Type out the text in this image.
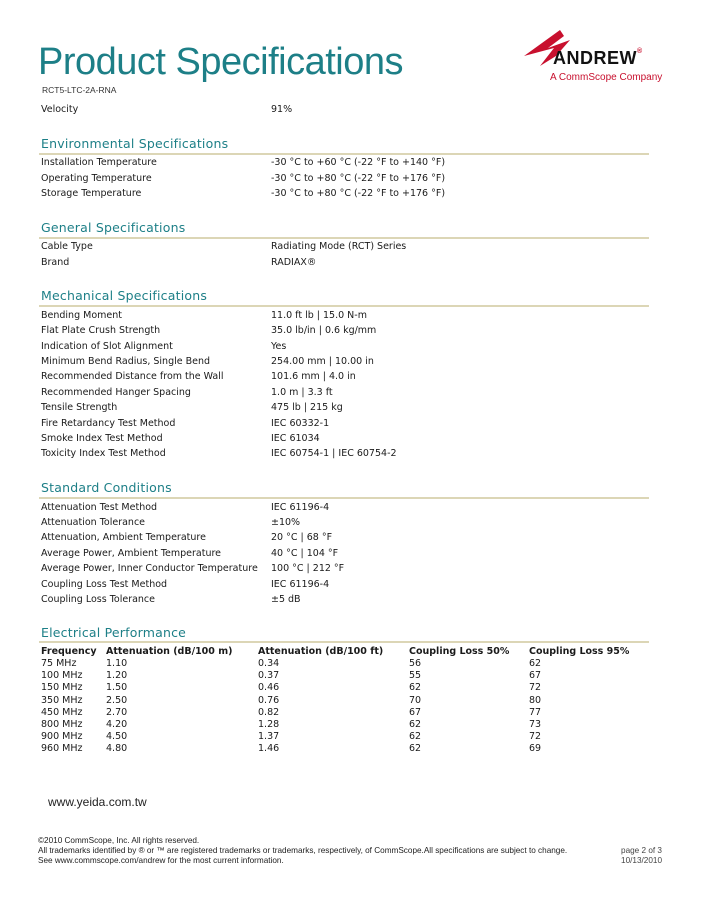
Product Specifications
RCT5-LTC-2A-RNA
ANDREW®
A CommScope Company
Velocity	91%
Environmental Specifications
Installation Temperature	-30 °C to +60 °C (-22 °F to +140 °F)
Operating Temperature	-30 °C to +80 °C (-22 °F to +176 °F)
Storage Temperature	-30 °C to +80 °C (-22 °F to +176 °F)
General Specifications
Cable Type	Radiating Mode (RCT) Series
Brand	RADIAX®
Mechanical Specifications
Bending Moment	11.0 ft lb | 15.0 N-m
Flat Plate Crush Strength	35.0 lb/in | 0.6 kg/mm
Indication of Slot Alignment	Yes
Minimum Bend Radius, Single Bend	254.00 mm | 10.00 in
Recommended Distance from the Wall	101.6 mm | 4.0 in
Recommended Hanger Spacing	1.0 m | 3.3 ft
Tensile Strength	475 lb | 215 kg
Fire Retardancy Test Method	IEC 60332-1
Smoke Index Test Method	IEC 61034
Toxicity Index Test Method	IEC 60754-1 | IEC 60754-2
Standard Conditions
Attenuation Test Method	IEC 61196-4
Attenuation Tolerance	±10%
Attenuation, Ambient Temperature	20 °C | 68 °F
Average Power, Ambient Temperature	40 °C | 104 °F
Average Power, Inner Conductor Temperature 100 °C | 212 °F
Coupling Loss Test Method	IEC 61196-4
Coupling Loss Tolerance	±5 dB
Electrical Performance
Frequency	Attenuation (dB/100 m)	Attenuation (dB/100 ft)	Coupling Loss 50%	Coupling Loss 95%
75 MHz	1.10	0.34	56	62
100 MHz	1.20	0.37	55	67
150 MHz	1.50	0.46	62	72
350 MHz	2.50	0.76	70	80
450 MHz	2.70	0.82	67	77
800 MHz	4.20	1.28	62	73
900 MHz	4.50	1.37	62	72
960 MHz	4.80	1.46	62	69
www.yeida.com.tw
©2010 CommScope, Inc. All rights reserved.
All trademarks identified by ® or ™ are registered trademarks or trademarks, respectively, of CommScope.All specifications are subject to change.
See www.commscope.com/andrew for the most current information.
page 2 of 3
10/13/2010
